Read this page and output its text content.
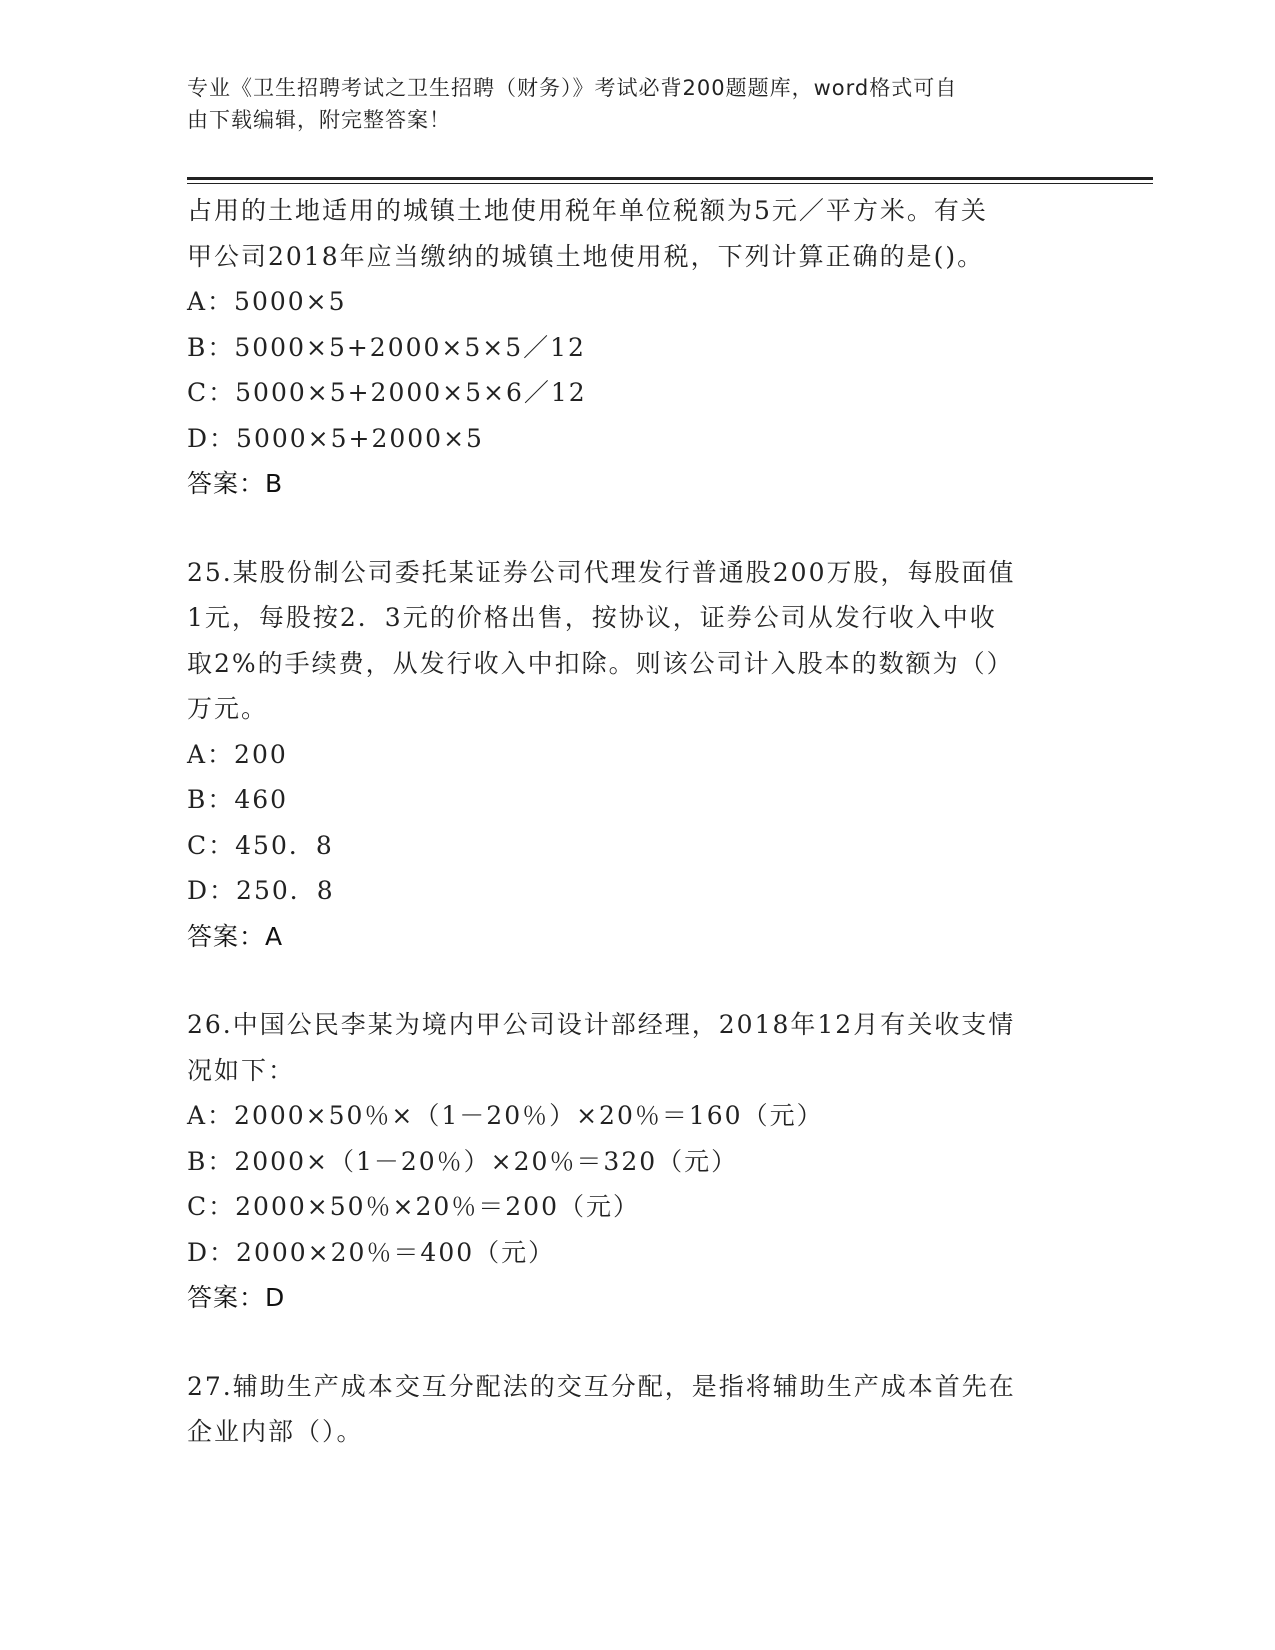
专业《卫生招聘考试之卫生招聘（财务）》考试必背200题题库，word格式可自
由下载编辑，附完整答案！
占用的土地适用的城镇土地使用税年单位税额为5元／平方米。有关
甲公司2018年应当缴纳的城镇土地使用税，下列计算正确的是()。
A：5000×5
B：5000×5+2000×5×5／12
C：5000×5+2000×5×6／12
D：5000×5+2000×5
答案：B
25.某股份制公司委托某证券公司代理发行普通股200万股，每股面值
1元，每股按2．3元的价格出售，按协议，证券公司从发行收入中收
取2%的手续费，从发行收入中扣除。则该公司计入股本的数额为（）
万元。
A：200
B：460
C：450．8
D：250．8
答案：A
26.中国公民李某为境内甲公司设计部经理，2018年12月有关收支情
况如下：
A：2000×50％×（1－20％）×20％＝160（元）
B：2000×（1－20％）×20％＝320（元）
C：2000×50％×20％＝200（元）
D：2000×20％＝400（元）
答案：D
27.辅助生产成本交互分配法的交互分配，是指将辅助生产成本首先在
企业内部（）。
